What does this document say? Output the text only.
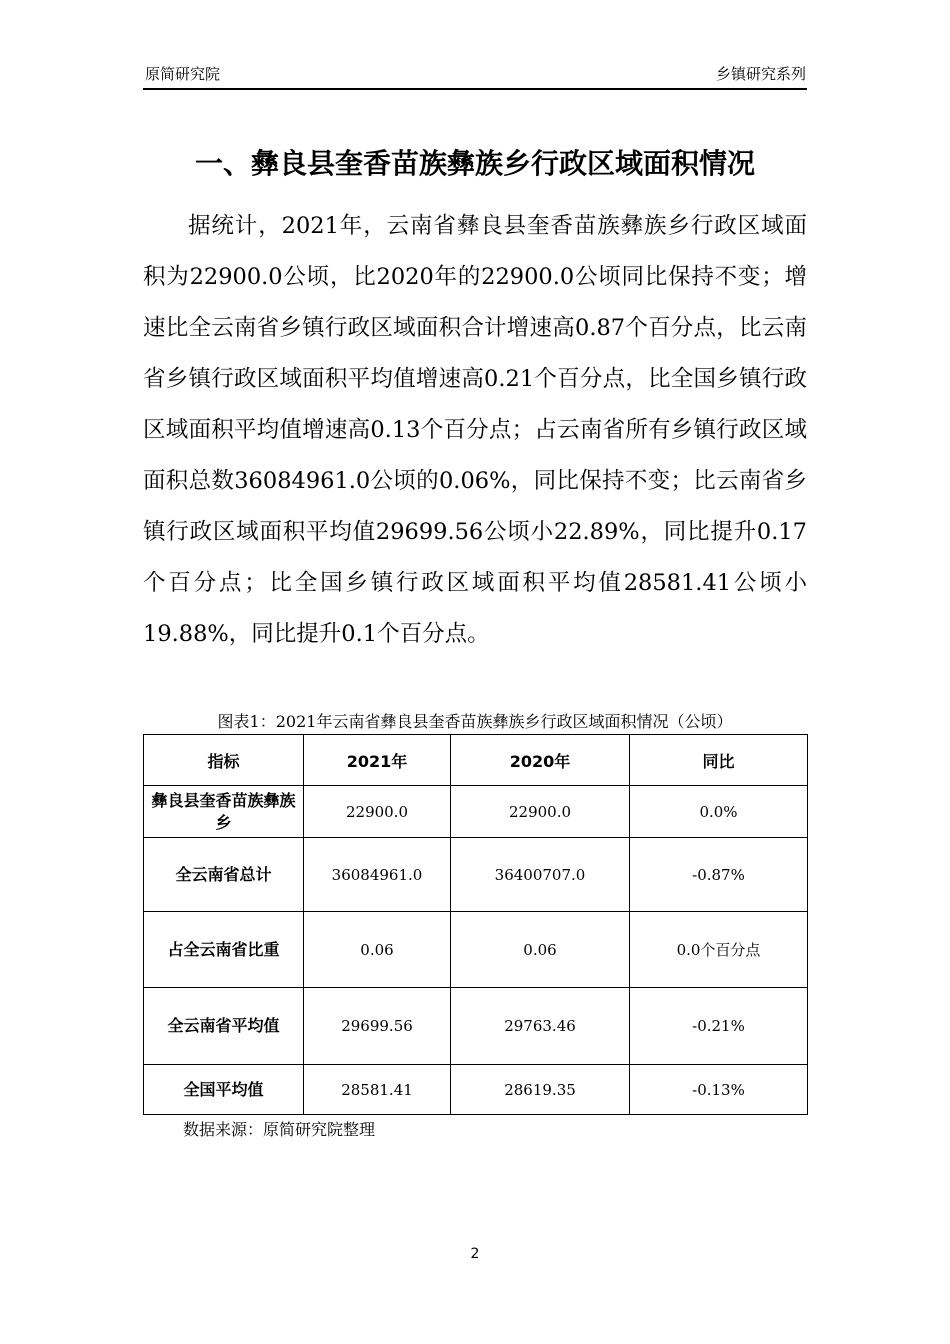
原简研究院	乡镇研究系列
一、彝良县奎香苗族彝族乡行政区域面积情况

据统计，2021年，云南省彝良县奎香苗族彝族乡行政区域面积为22900.0公顷，比2020年的22900.0公顷同比保持不变；增速比全云南省乡镇行政区域面积合计增速高0.87个百分点，比云南省乡镇行政区域面积平均值增速高0.21个百分点，比全国乡镇行政区域面积平均值增速高0.13个百分点；占云南省所有乡镇行政区域面积总数36084961.0公顷的0.06%，同比保持不变；比云南省乡镇行政区域面积平均值29699.56公顷小22.89%，同比提升0.17个百分点；比全国乡镇行政区域面积平均值28581.41公顷小19.88%，同比提升0.1个百分点。

图表1：2021年云南省彝良县奎香苗族彝族乡行政区域面积情况（公顷）
指标	2021年	2020年	同比
彝良县奎香苗族彝族乡	22900.0	22900.0	0.0%
全云南省总计	36084961.0	36400707.0	-0.87%
占全云南省比重	0.06	0.06	0.0个百分点
全云南省平均值	29699.56	29763.46	-0.21%
全国平均值	28581.41	28619.35	-0.13%
数据来源：原简研究院整理
2
